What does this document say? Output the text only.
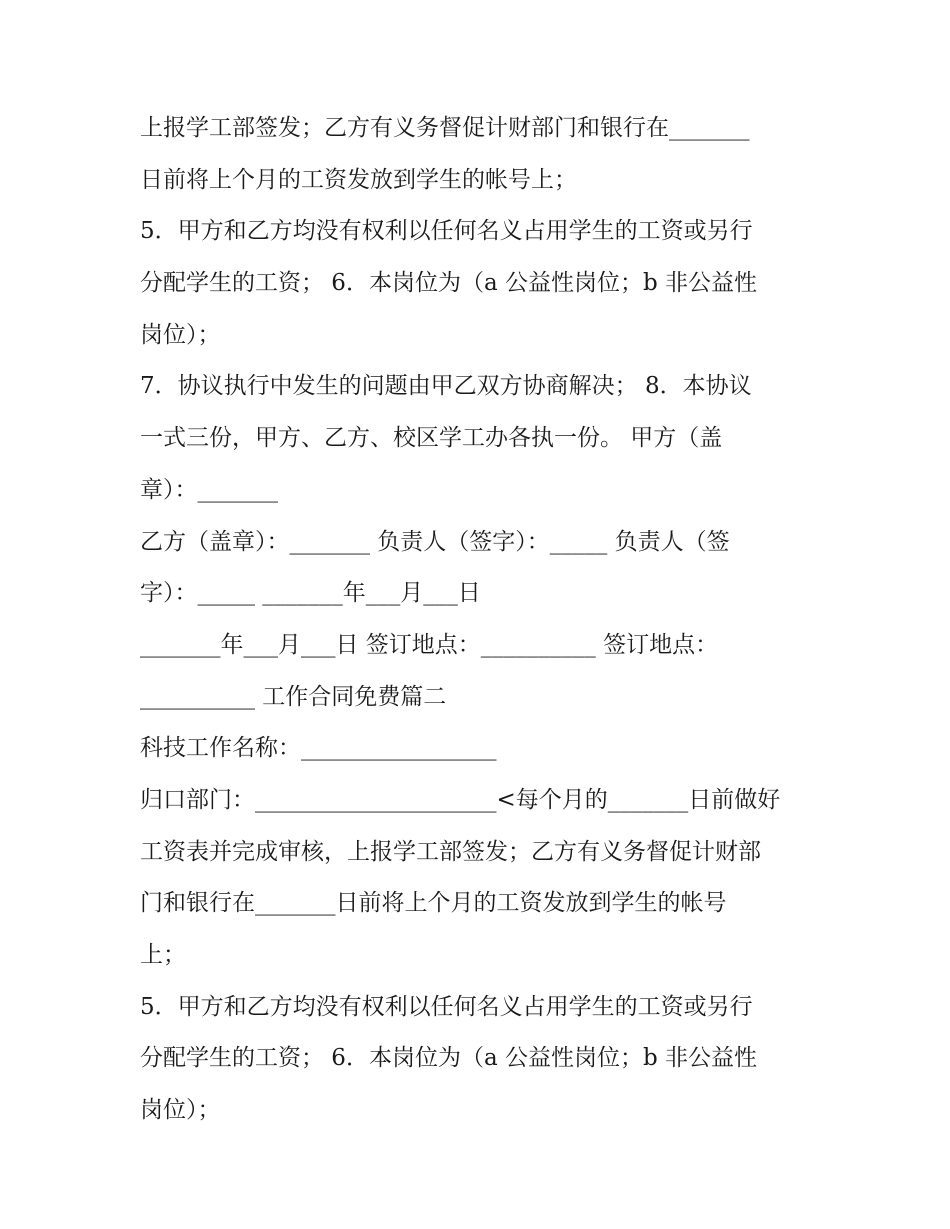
上报学工部签发；乙方有义务督促计财部门和银行在_______
日前将上个月的工资发放到学生的帐号上；
5．甲方和乙方均没有权利以任何名义占用学生的工资或另行
分配学生的工资； 6．本岗位为（a 公益性岗位；b 非公益性
岗位）；
7．协议执行中发生的问题由甲乙双方协商解决； 8．本协议
一式三份，甲方、乙方、校区学工办各执一份。 甲方（盖
章）：_______
乙方（盖章）：_______ 负责人（签字）：_____ 负责人（签
字）：_____ _______年___月___日
_______年___月___日 签订地点：__________ 签订地点：
__________ 工作合同免费篇二
科技工作名称：_________________
归口部门：_____________________<每个月的_______日前做好
工资表并完成审核，上报学工部签发；乙方有义务督促计财部
门和银行在_______日前将上个月的工资发放到学生的帐号
上；
5．甲方和乙方均没有权利以任何名义占用学生的工资或另行
分配学生的工资； 6．本岗位为（a 公益性岗位；b 非公益性
岗位）；
